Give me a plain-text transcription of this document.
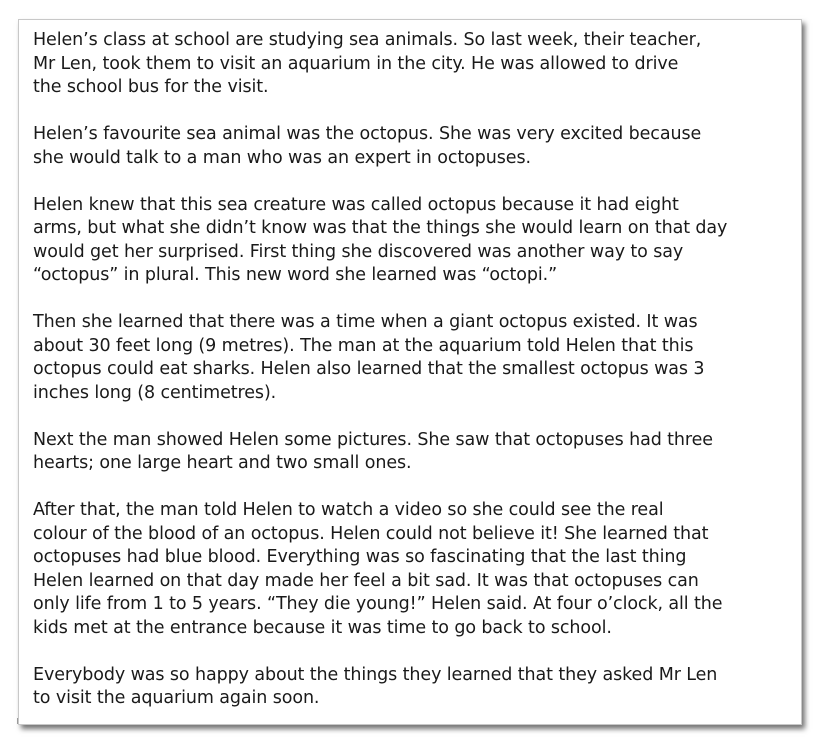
Helen’s class at school are studying sea animals. So last week, their teacher,
Mr Len, took them to visit an aquarium in the city. He was allowed to drive
the school bus for the visit.

Helen’s favourite sea animal was the octopus. She was very excited because
she would talk to a man who was an expert in octopuses.

Helen knew that this sea creature was called octopus because it had eight
arms, but what she didn’t know was that the things she would learn on that day
would get her surprised. First thing she discovered was another way to say
“octopus” in plural. This new word she learned was “octopi.”

Then she learned that there was a time when a giant octopus existed. It was
about 30 feet long (9 metres). The man at the aquarium told Helen that this
octopus could eat sharks. Helen also learned that the smallest octopus was 3
inches long (8 centimetres).

Next the man showed Helen some pictures. She saw that octopuses had three
hearts; one large heart and two small ones.

After that, the man told Helen to watch a video so she could see the real
colour of the blood of an octopus. Helen could not believe it! She learned that
octopuses had blue blood. Everything was so fascinating that the last thing
Helen learned on that day made her feel a bit sad. It was that octopuses can
only life from 1 to 5 years. “They die young!” Helen said. At four o’clock, all the
kids met at the entrance because it was time to go back to school.

Everybody was so happy about the things they learned that they asked Mr Len
to visit the aquarium again soon.
